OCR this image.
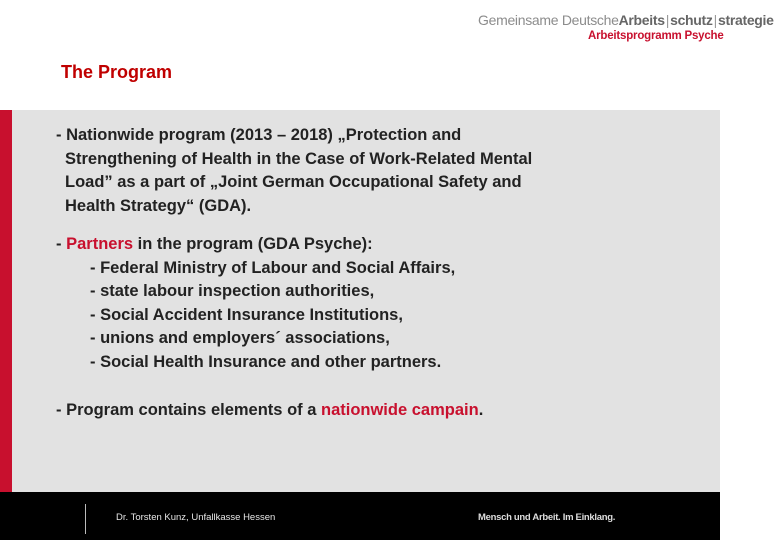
Gemeinsame DeutscheArbeits|schutz|strategie
Arbeitsprogramm Psyche
The Program
- Nationwide program (2013 – 2018) „Protection and
Strengthening of Health in the Case of Work-Related Mental
Load” as a part of „Joint German Occupational Safety and
Health Strategy“ (GDA).
- Partners in the program (GDA Psyche):
- Federal Ministry of Labour and Social Affairs,
- state labour inspection authorities,
- Social Accident Insurance Institutions,
- unions and employers´ associations,
- Social Health Insurance and other partners.
- Program contains elements of a nationwide campain.
Dr. Torsten Kunz, Unfallkasse Hessen	Mensch und Arbeit. Im Einklang.
